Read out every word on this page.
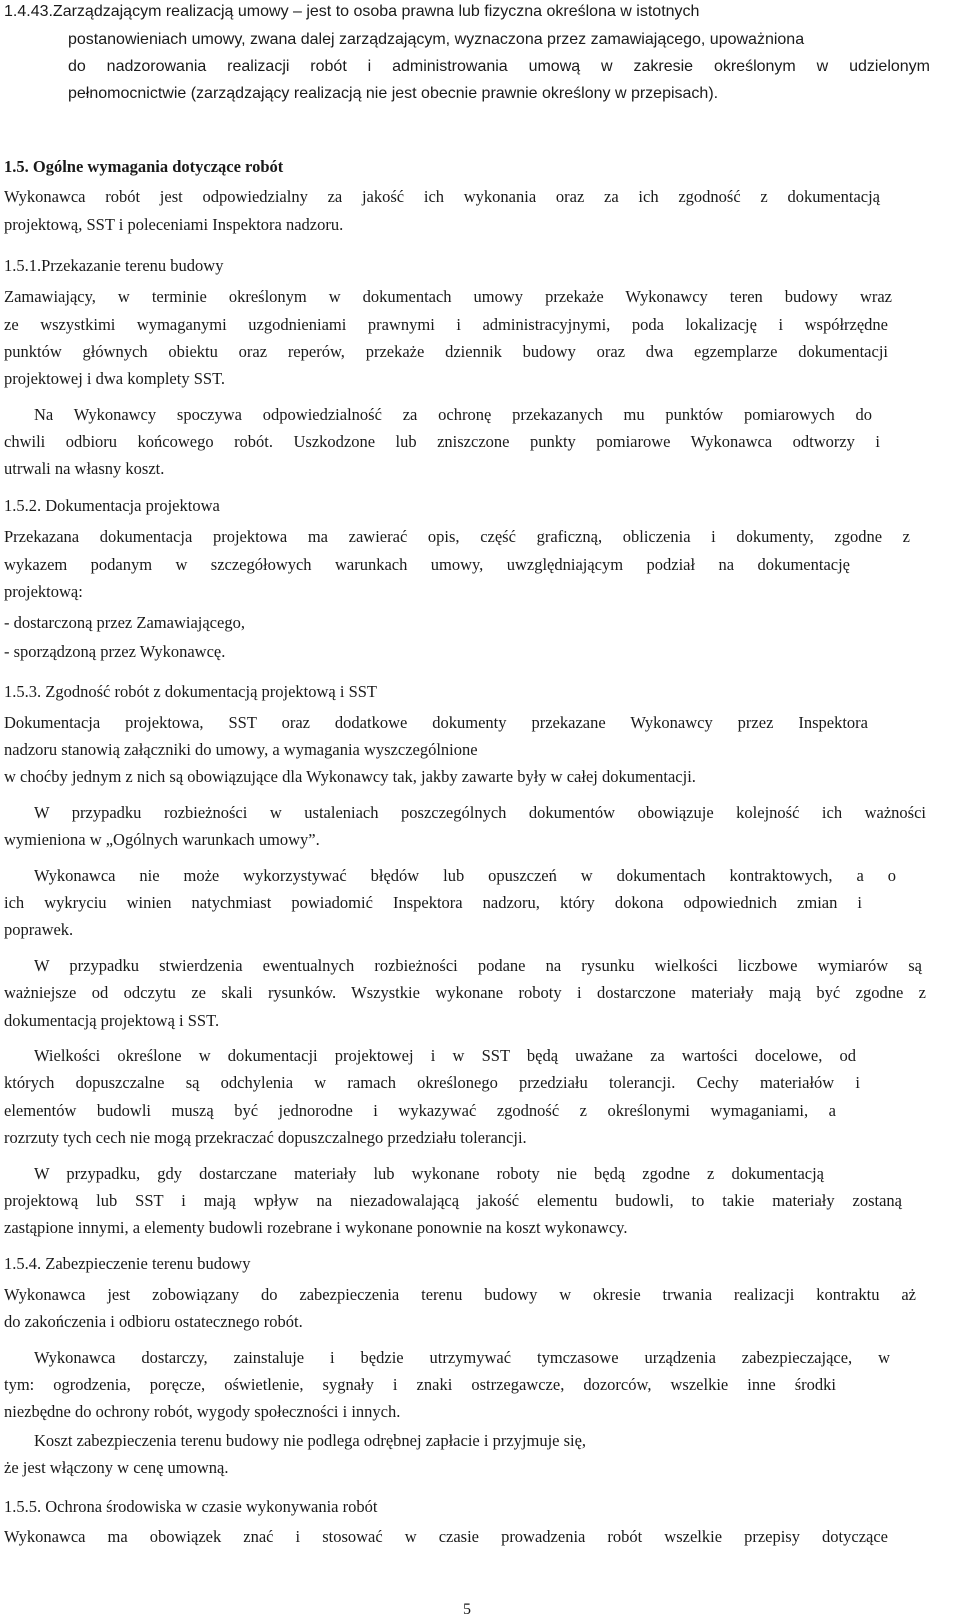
1.4.43.Zarządzającym realizacją umowy – jest to osoba prawna lub fizyczna określona w istotnych
postanowieniach umowy, zwana dalej zarządzającym, wyznaczona przez zamawiającego, upoważniona
do nadzorowania realizacji robót i administrowania umową w zakresie określonym w udzielonym
pełnomocnictwie (zarządzający realizacją nie jest obecnie prawnie określony w przepisach).
1.5. Ogólne wymagania dotyczące robót
Wykonawca robót jest odpowiedzialny za jakość ich wykonania oraz za ich zgodność z dokumentacją
projektową, SST i poleceniami Inspektora nadzoru.
1.5.1.Przekazanie terenu budowy
Zamawiający, w terminie określonym w dokumentach umowy przekaże Wykonawcy teren budowy wraz
ze wszystkimi wymaganymi uzgodnieniami prawnymi i administracyjnymi, poda lokalizację i współrzędne
punktów głównych obiektu oraz reperów, przekaże dziennik budowy oraz dwa egzemplarze dokumentacji
projektowej i dwa komplety SST.
Na Wykonawcy spoczywa odpowiedzialność za ochronę przekazanych mu punktów pomiarowych do
chwili odbioru końcowego robót. Uszkodzone lub zniszczone punkty pomiarowe Wykonawca odtworzy i
utrwali na własny koszt.
1.5.2. Dokumentacja projektowa
Przekazana dokumentacja projektowa ma zawierać opis, część graficzną, obliczenia i dokumenty, zgodne z
wykazem podanym w szczegółowych warunkach umowy, uwzględniającym podział na dokumentację
projektową:
- dostarczoną przez Zamawiającego,
- sporządzoną przez Wykonawcę.
1.5.3. Zgodność robót z dokumentacją projektową i SST
Dokumentacja projektowa, SST oraz dodatkowe dokumenty przekazane Wykonawcy przez Inspektora
nadzoru stanowią załączniki do umowy, a wymagania wyszczególnione
w choćby jednym z nich są obowiązujące dla Wykonawcy tak, jakby zawarte były w całej dokumentacji.
W przypadku rozbieżności w ustaleniach poszczególnych dokumentów obowiązuje kolejność ich ważności
wymieniona w „Ogólnych warunkach umowy”.
Wykonawca nie może wykorzystywać błędów lub opuszczeń w dokumentach kontraktowych, a o
ich wykryciu winien natychmiast powiadomić Inspektora nadzoru, który dokona odpowiednich zmian i
poprawek.
W przypadku stwierdzenia ewentualnych rozbieżności podane na rysunku wielkości liczbowe wymiarów są
ważniejsze od odczytu ze skali rysunków. Wszystkie wykonane roboty i dostarczone materiały mają być zgodne z
dokumentacją projektową i SST.
Wielkości określone w dokumentacji projektowej i w SST będą uważane za wartości docelowe, od
których dopuszczalne są odchylenia w ramach określonego przedziału tolerancji. Cechy materiałów i
elementów budowli muszą być jednorodne i wykazywać zgodność z określonymi wymaganiami, a
rozrzuty tych cech nie mogą przekraczać dopuszczalnego przedziału tolerancji.
W przypadku, gdy dostarczane materiały lub wykonane roboty nie będą zgodne z dokumentacją
projektową lub SST i mają wpływ na niezadowalającą jakość elementu budowli, to takie materiały zostaną
zastąpione innymi, a elementy budowli rozebrane i wykonane ponownie na koszt wykonawcy.
1.5.4. Zabezpieczenie terenu budowy
Wykonawca jest zobowiązany do zabezpieczenia terenu budowy w okresie trwania realizacji kontraktu aż
do zakończenia i odbioru ostatecznego robót.
Wykonawca dostarczy, zainstaluje i będzie utrzymywać tymczasowe urządzenia zabezpieczające, w
tym: ogrodzenia, poręcze, oświetlenie, sygnały i znaki ostrzegawcze, dozorców, wszelkie inne środki
niezbędne do ochrony robót, wygody społeczności i innych.
Koszt zabezpieczenia terenu budowy nie podlega odrębnej zapłacie i przyjmuje się,
że jest włączony w cenę umowną.
1.5.5. Ochrona środowiska w czasie wykonywania robót
Wykonawca ma obowiązek znać i stosować w czasie prowadzenia robót wszelkie przepisy dotyczące
5
